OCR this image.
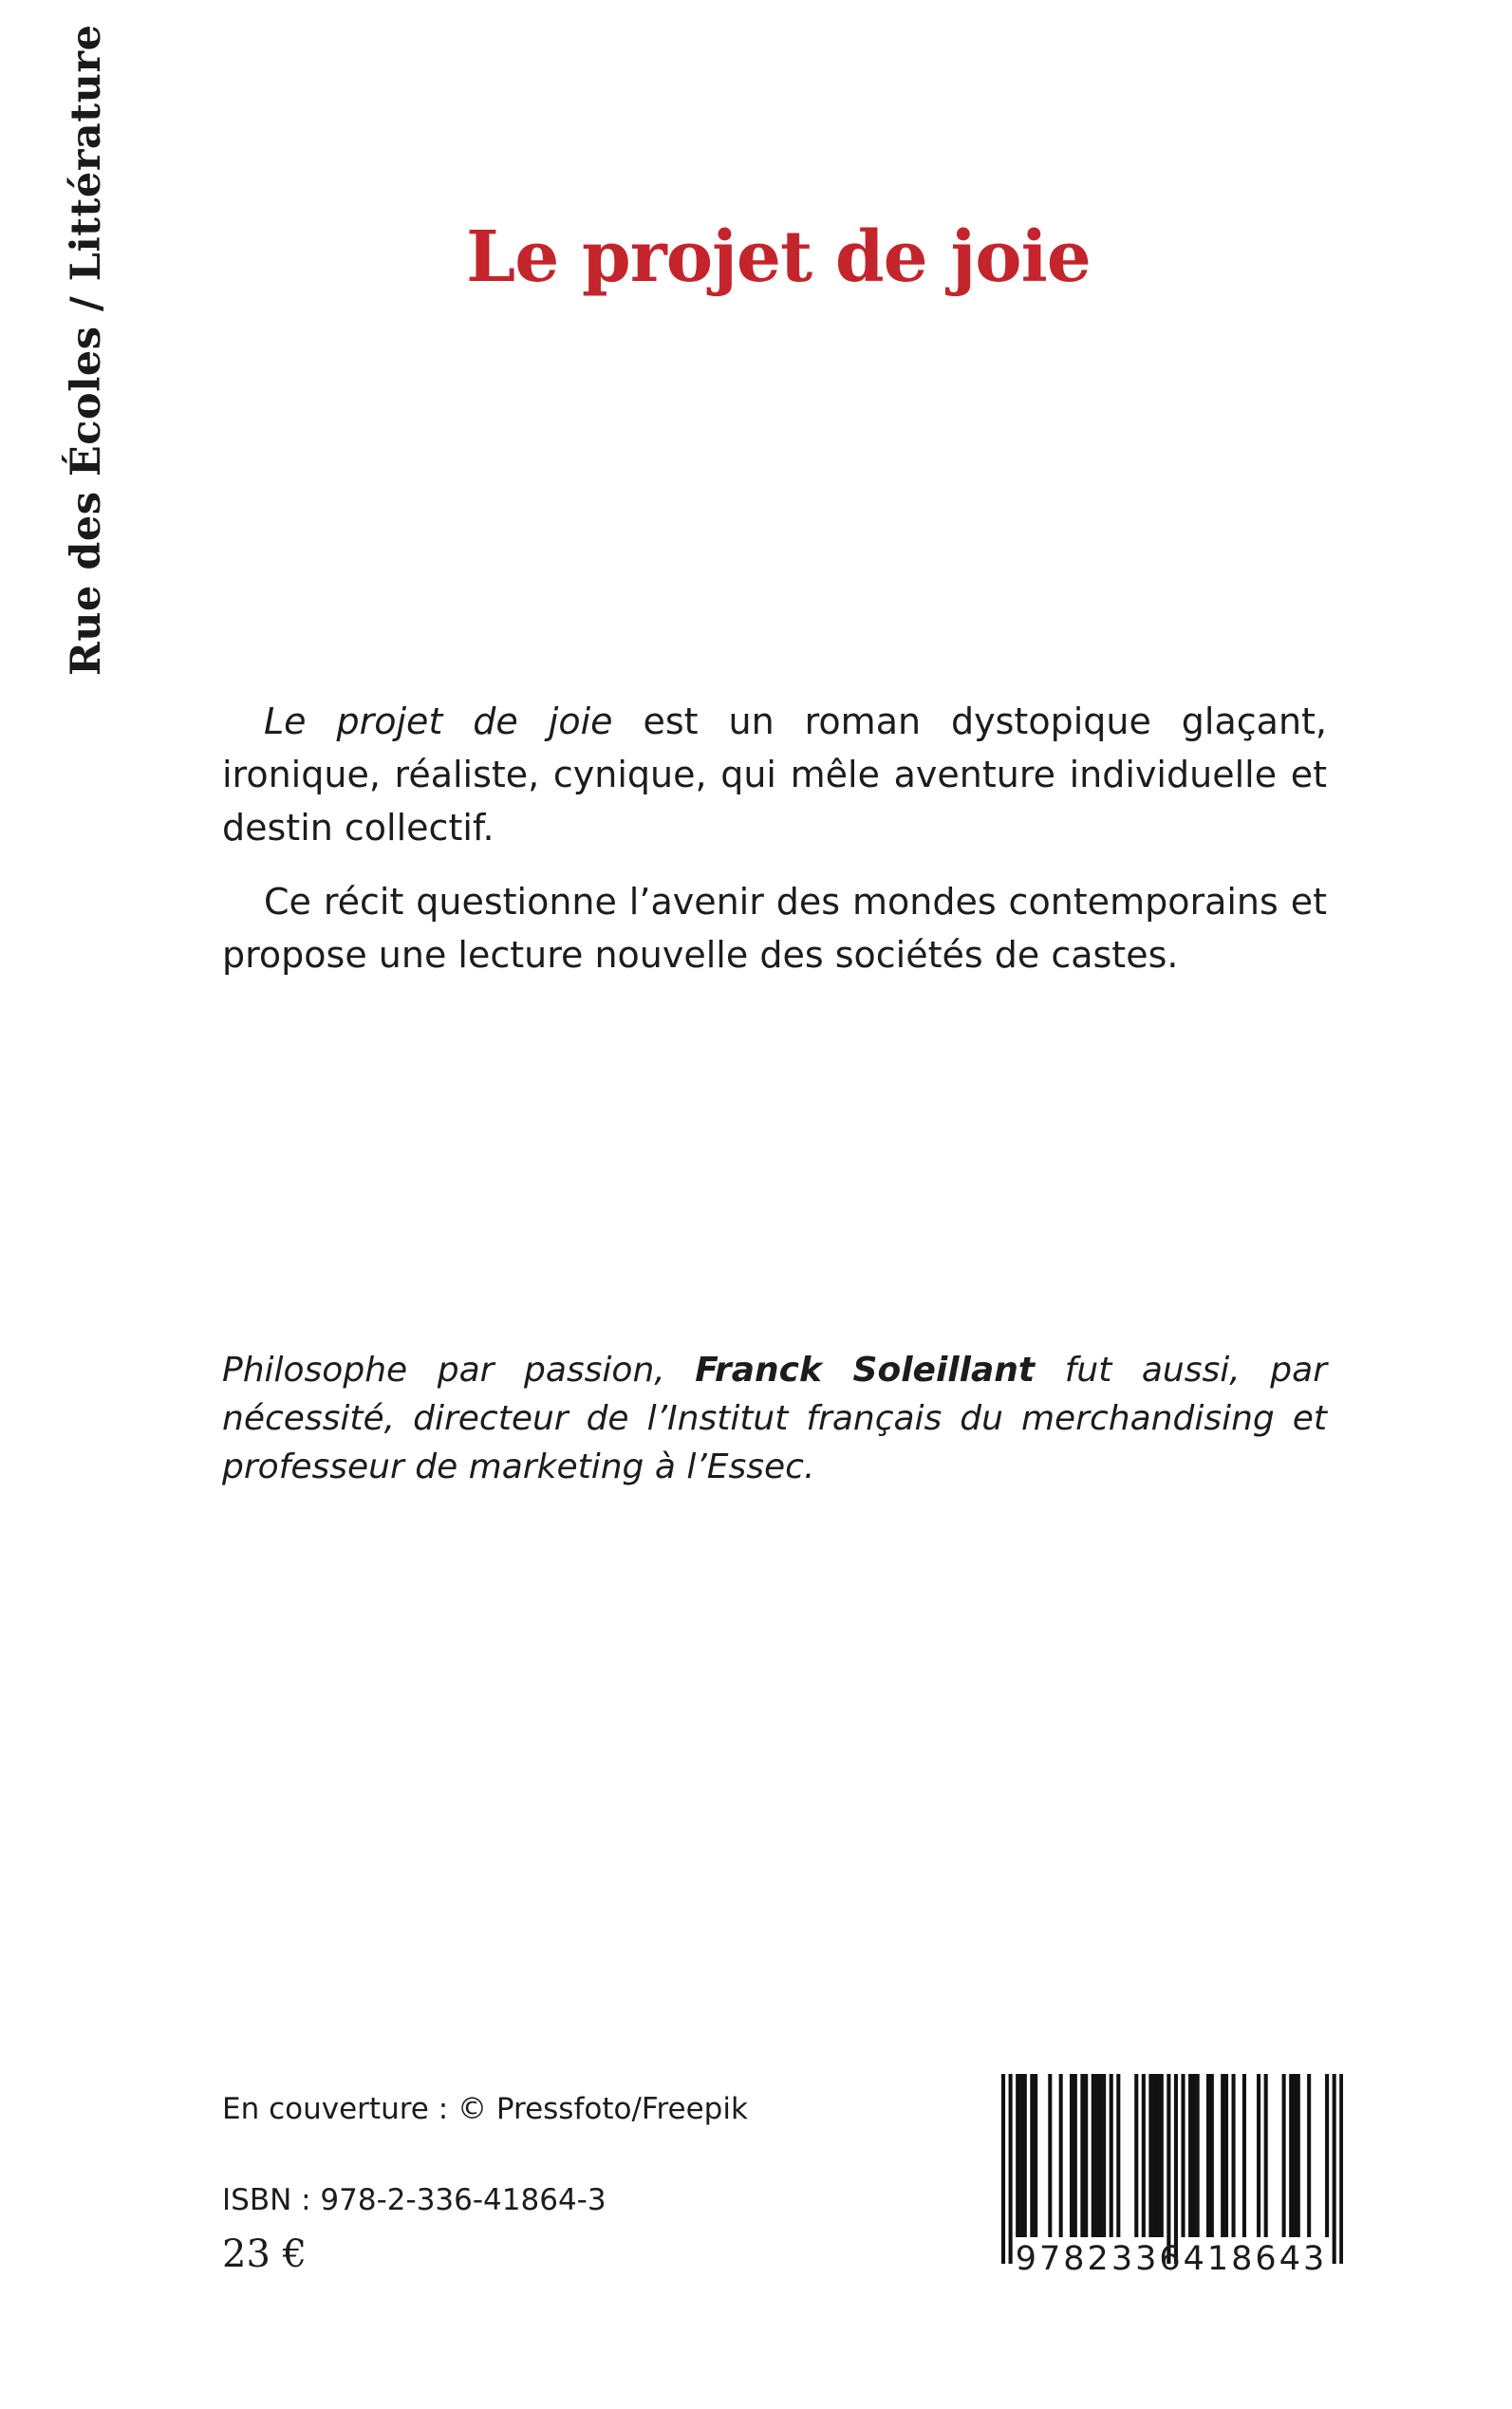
Rue des Écoles / Littérature	Le projet de joie

Le projet de joie est un roman dystopique glaçant, ironique, réaliste, cynique, qui mêle aventure individuelle et destin collectif.

Ce récit questionne l’avenir des mondes contemporains et propose une lecture nouvelle des sociétés de castes.

Philosophe par passion, Franck Soleillant fut aussi, par nécessité, directeur de l’Institut français du merchandising et professeur de marketing à l’Essec.
En couverture : © Pressfoto/Freepik
ISBN : 978-2-336-41864-3
23 €	9782336418643
